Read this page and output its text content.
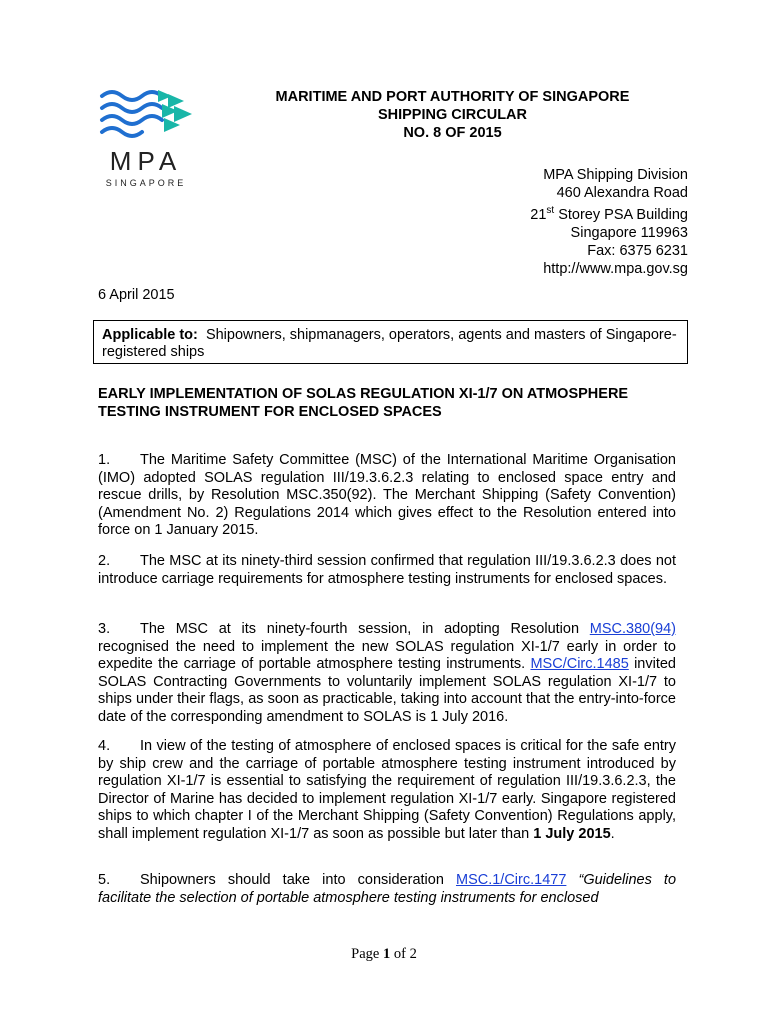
MPA
SINGAPORE
MARITIME AND PORT AUTHORITY OF SINGAPORE
SHIPPING CIRCULAR
NO. 8 OF 2015
MPA Shipping Division
460 Alexandra Road
21st Storey PSA Building
Singapore 119963
Fax: 6375 6231
http://www.mpa.gov.sg
6 April 2015
Applicable to: Shipowners, shipmanagers, operators, agents and masters of Singapore-registered ships
EARLY IMPLEMENTATION OF SOLAS REGULATION XI-1/7 ON ATMOSPHERE TESTING INSTRUMENT FOR ENCLOSED SPACES
1. The Maritime Safety Committee (MSC) of the International Maritime Organisation (IMO) adopted SOLAS regulation III/19.3.6.2.3 relating to enclosed space entry and rescue drills, by Resolution MSC.350(92). The Merchant Shipping (Safety Convention) (Amendment No. 2) Regulations 2014 which gives effect to the Resolution entered into force on 1 January 2015.
2. The MSC at its ninety-third session confirmed that regulation III/19.3.6.2.3 does not introduce carriage requirements for atmosphere testing instruments for enclosed spaces.
3. The MSC at its ninety-fourth session, in adopting Resolution MSC.380(94) recognised the need to implement the new SOLAS regulation XI-1/7 early in order to expedite the carriage of portable atmosphere testing instruments. MSC/Circ.1485 invited SOLAS Contracting Governments to voluntarily implement SOLAS regulation XI-1/7 to ships under their flags, as soon as practicable, taking into account that the entry-into-force date of the corresponding amendment to SOLAS is 1 July 2016.
4. In view of the testing of atmosphere of enclosed spaces is critical for the safe entry by ship crew and the carriage of portable atmosphere testing instrument introduced by regulation XI-1/7 is essential to satisfying the requirement of regulation III/19.3.6.2.3, the Director of Marine has decided to implement regulation XI-1/7 early. Singapore registered ships to which chapter I of the Merchant Shipping (Safety Convention) Regulations apply, shall implement regulation XI-1/7 as soon as possible but later than 1 July 2015.
5. Shipowners should take into consideration MSC.1/Circ.1477 “Guidelines to facilitate the selection of portable atmosphere testing instruments for enclosed
Page 1 of 2
